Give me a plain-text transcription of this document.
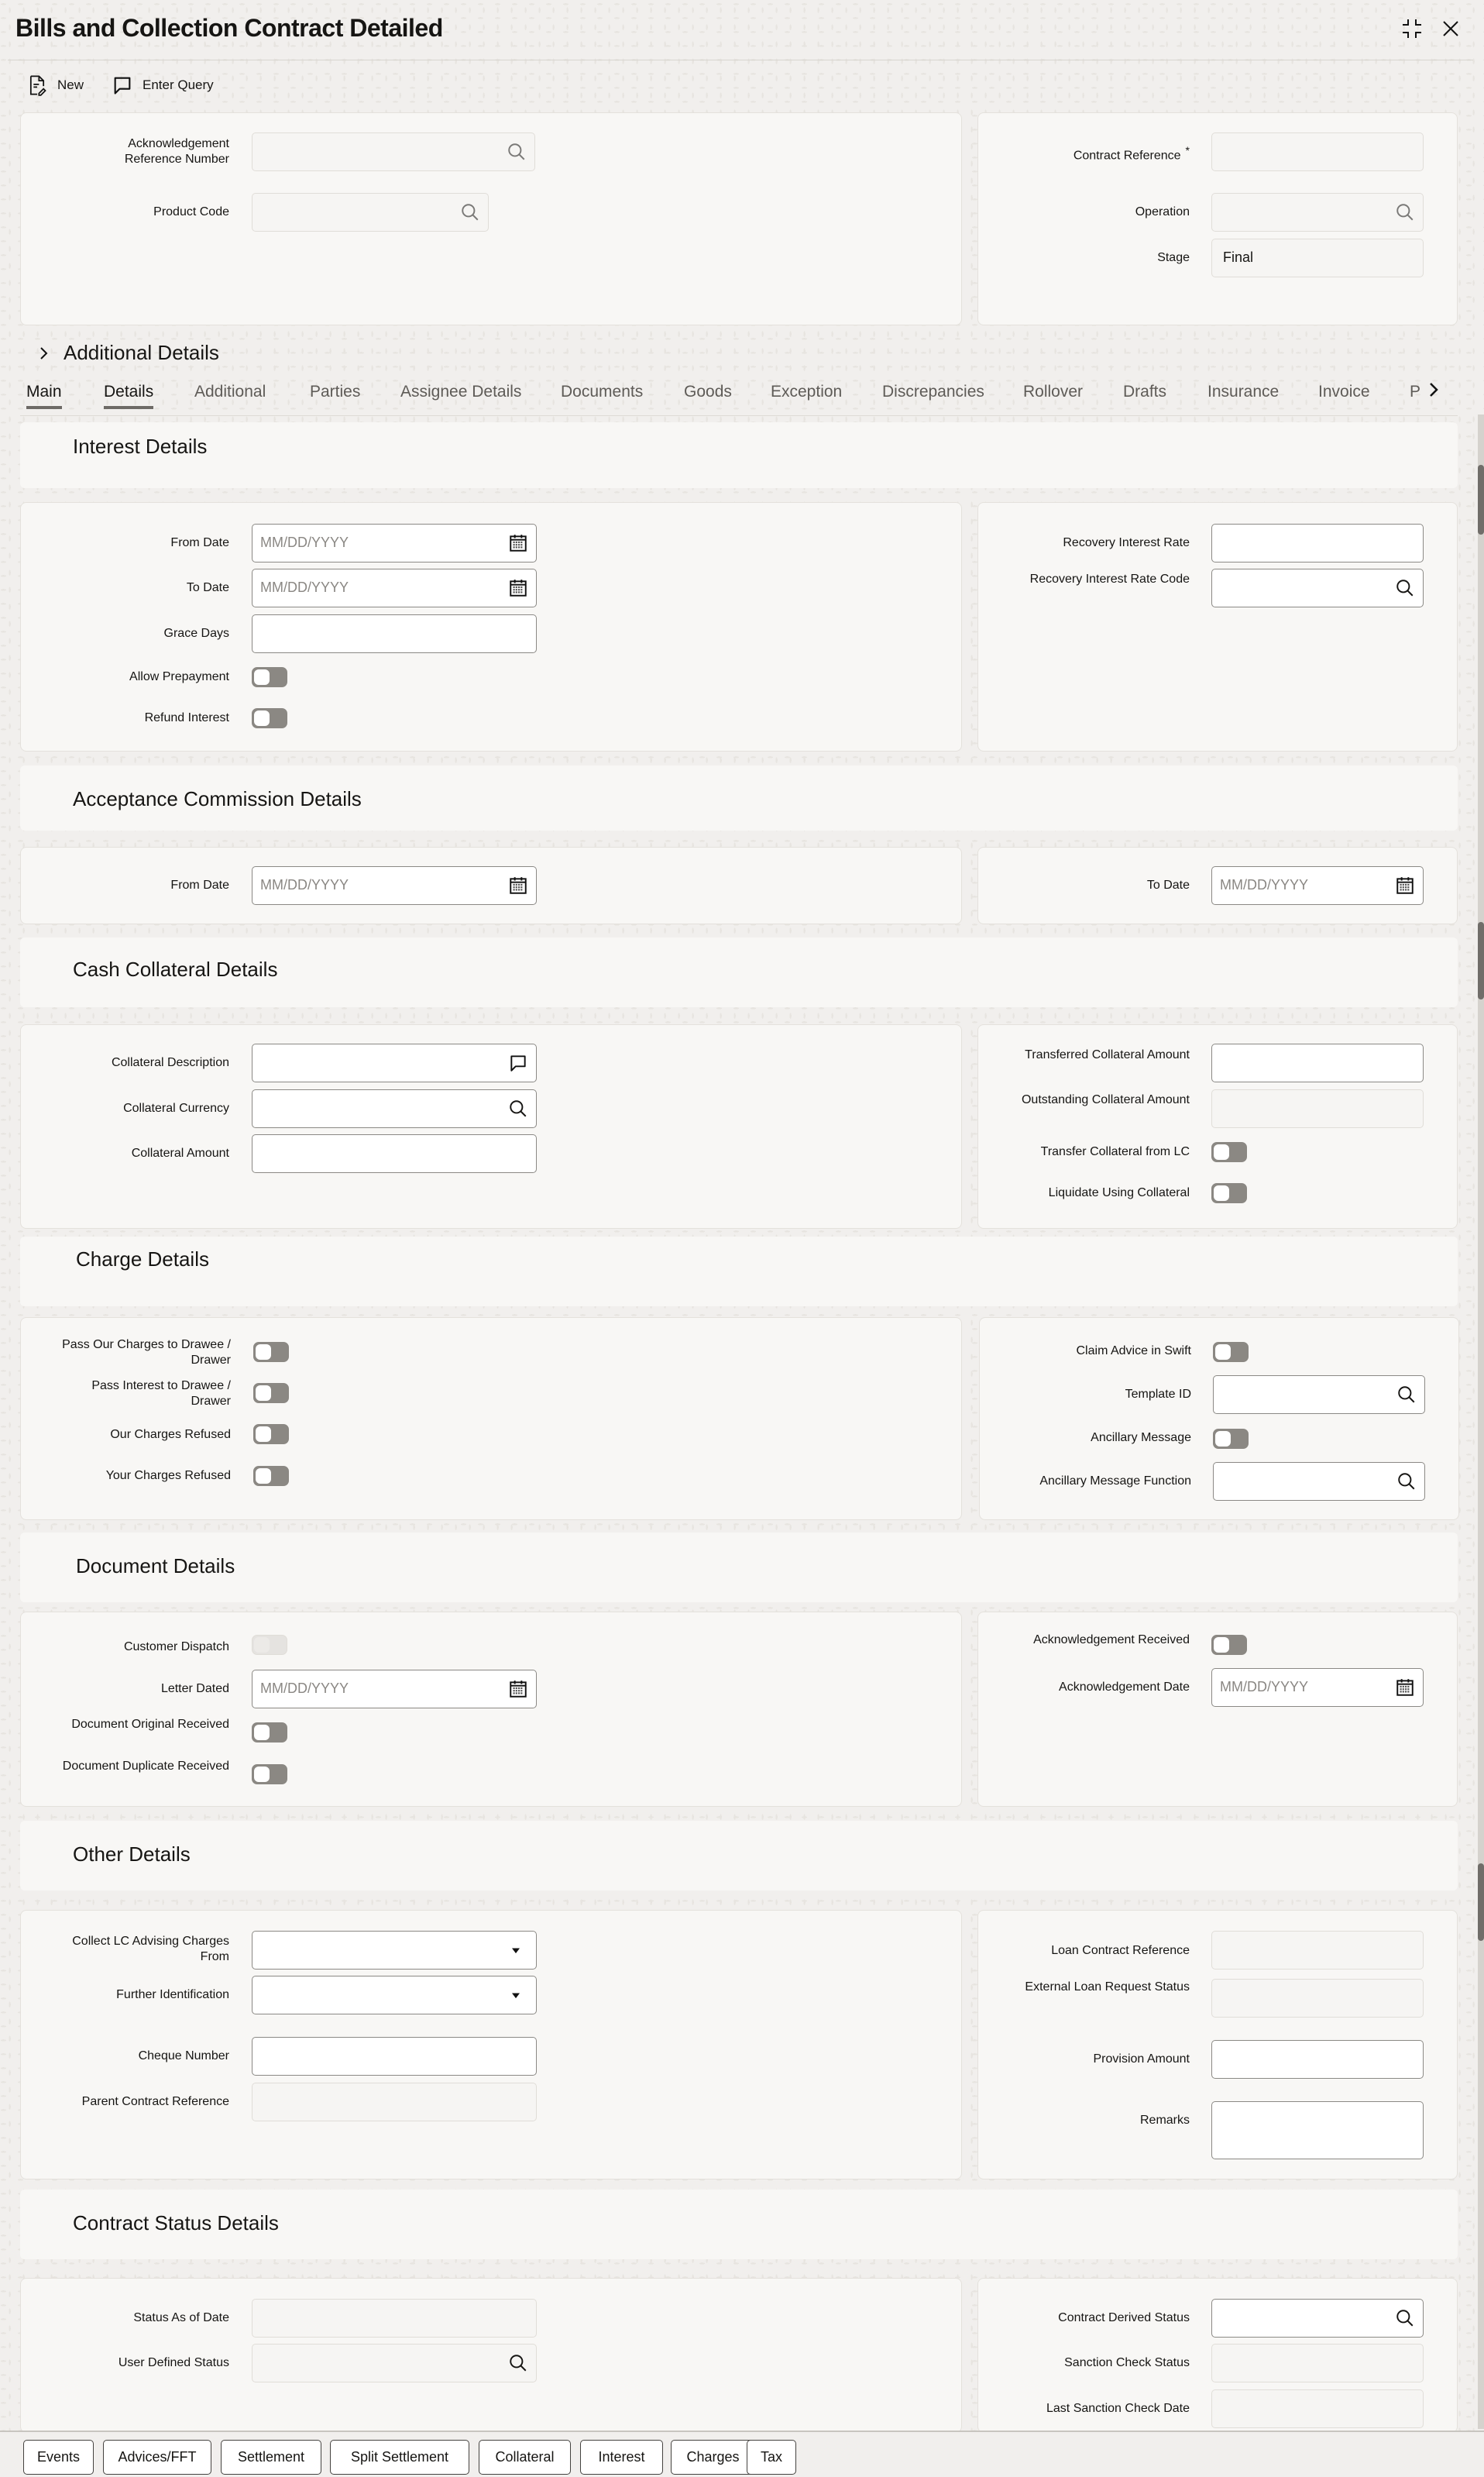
Bills and Collection Contract Detailed
New	Enter Query
Acknowledgement Reference Number
Product Code
Contract Reference *
Operation
Stage Final
Additional Details
Main	Details	Additional	Parties Assignee Details Documents	Goods Exception Discrepancies Rollover Drafts	Insurance Invoice P
Interest Details
From Date MM/DD/YYYY
To Date MM/DD/YYYY
Grace Days
Allow Prepayment
Refund Interest
Recovery Interest Rate
Recovery Interest Rate Code
Acceptance Commission Details
From Date MM/DD/YYYY	To Date MM/DD/YYYY
Cash Collateral Details
Collateral Description
Collateral Currency
Collateral Amount
Transferred Collateral Amount
Outstanding Collateral Amount
Transfer Collateral from LC
Liquidate Using Collateral
Charge Details
Pass Our Charges to Drawee / Drawer
Pass Interest to Drawee / Drawer
Our Charges Refused
Your Charges Refused
Claim Advice in Swift
Template ID
Ancillary Message
Ancillary Message Function
Document Details
Customer Dispatch
Letter Dated MM/DD/YYYY
Document Original Received
Document Duplicate Received
Acknowledgement Received
Acknowledgement Date MM/DD/YYYY
Other Details
Collect LC Advising Charges From
Further Identification
Cheque Number
Parent Contract Reference
Loan Contract Reference
External Loan Request Status
Provision Amount
Remarks
Contract Status Details
Status As of Date
User Defined Status
Contract Derived Status
Sanction Check Status
Last Sanction Check Date
Events	Advices/FFT	Settlement	Split Settlement	Collateral	Interest	Charges	Tax
